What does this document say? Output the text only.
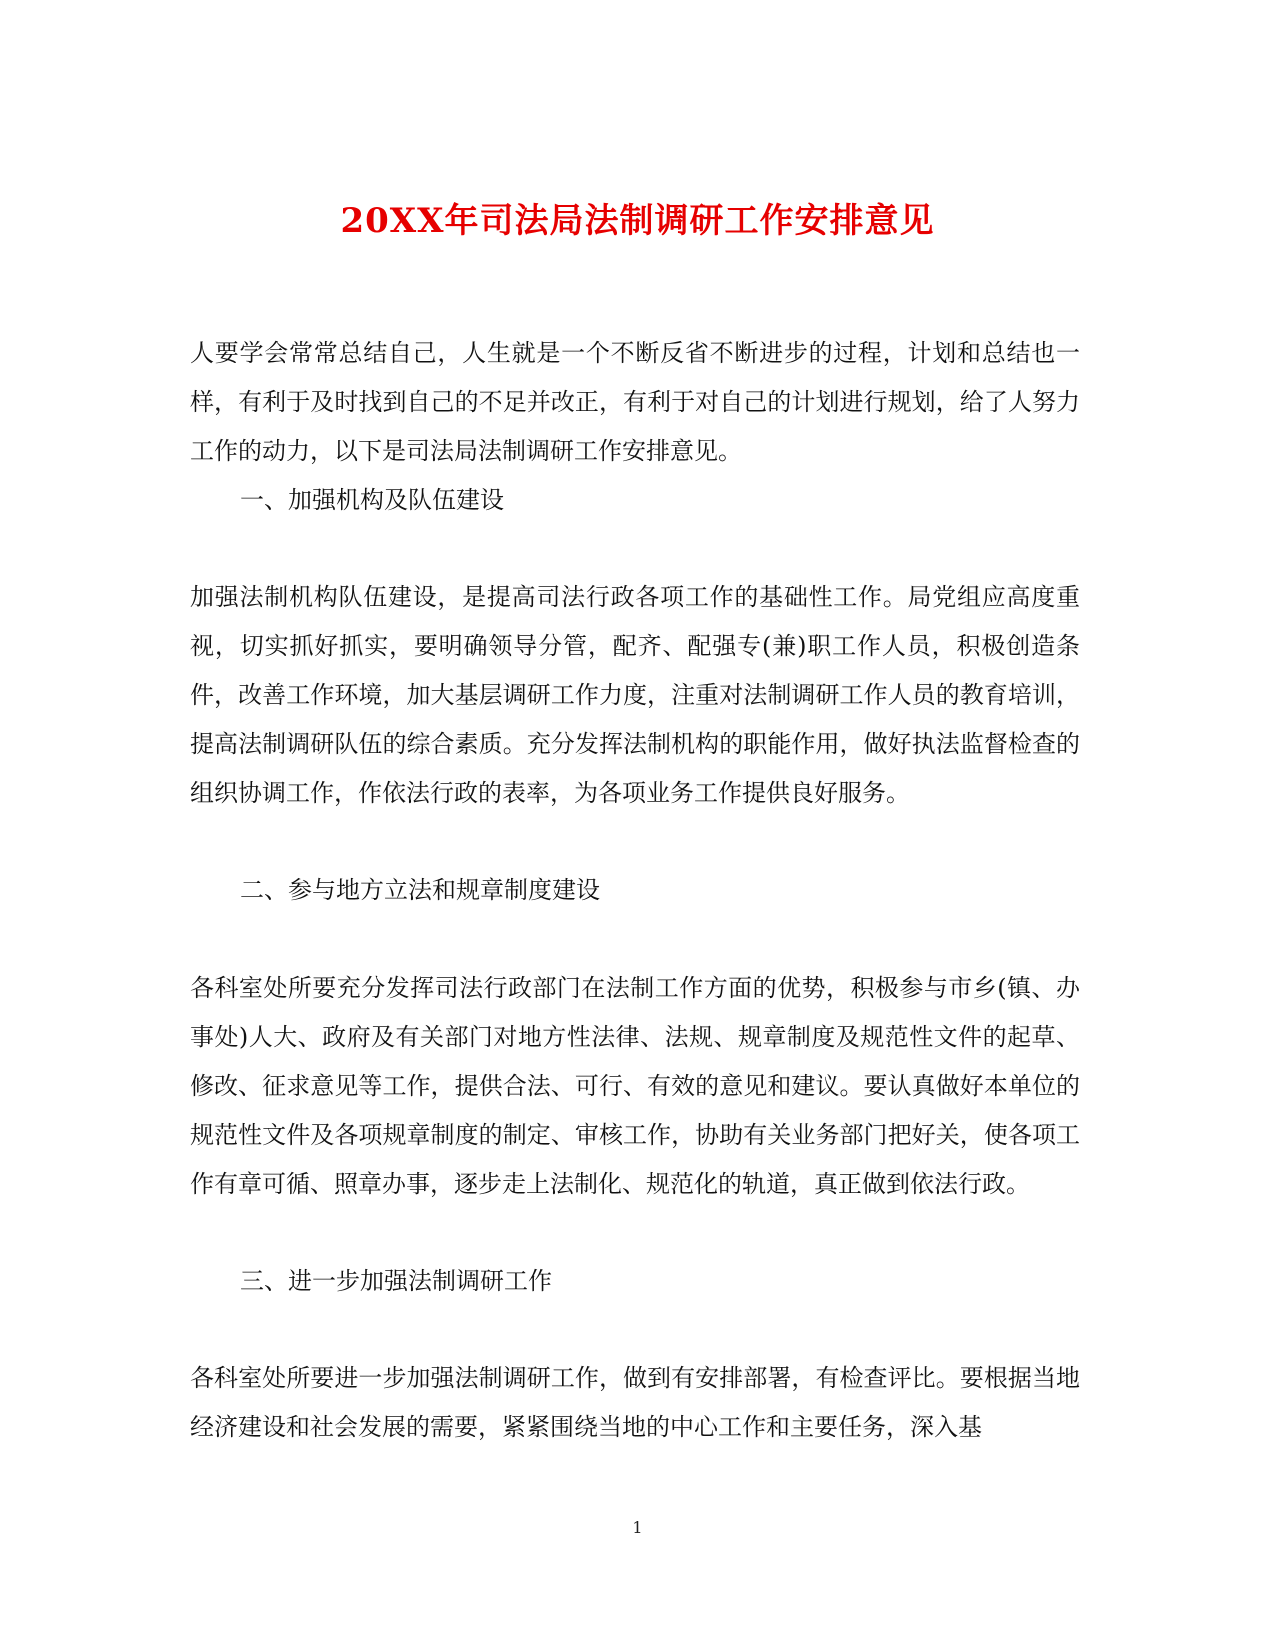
20XX年司法局法制调研工作安排意见

人要学会常常总结自己，人生就是一个不断反省不断进步的过程，计划和总结也一样，有利于及时找到自己的不足并改正，有利于对自己的计划进行规划，给了人努力工作的动力，以下是司法局法制调研工作安排意见。

一、加强机构及队伍建设

加强法制机构队伍建设，是提高司法行政各项工作的基础性工作。局党组应高度重视，切实抓好抓实，要明确领导分管，配齐、配强专(兼)职工作人员，积极创造条件，改善工作环境，加大基层调研工作力度，注重对法制调研工作人员的教育培训，提高法制调研队伍的综合素质。充分发挥法制机构的职能作用，做好执法监督检查的组织协调工作，作依法行政的表率，为各项业务工作提供良好服务。

二、参与地方立法和规章制度建设

各科室处所要充分发挥司法行政部门在法制工作方面的优势，积极参与市乡(镇、办事处)人大、政府及有关部门对地方性法律、法规、规章制度及规范性文件的起草、修改、征求意见等工作，提供合法、可行、有效的意见和建议。要认真做好本单位的规范性文件及各项规章制度的制定、审核工作，协助有关业务部门把好关，使各项工作有章可循、照章办事，逐步走上法制化、规范化的轨道，真正做到依法行政。

三、进一步加强法制调研工作

各科室处所要进一步加强法制调研工作，做到有安排部署，有检查评比。要根据当地经济建设和社会发展的需要，紧紧围绕当地的中心工作和主要任务，深入基

1
